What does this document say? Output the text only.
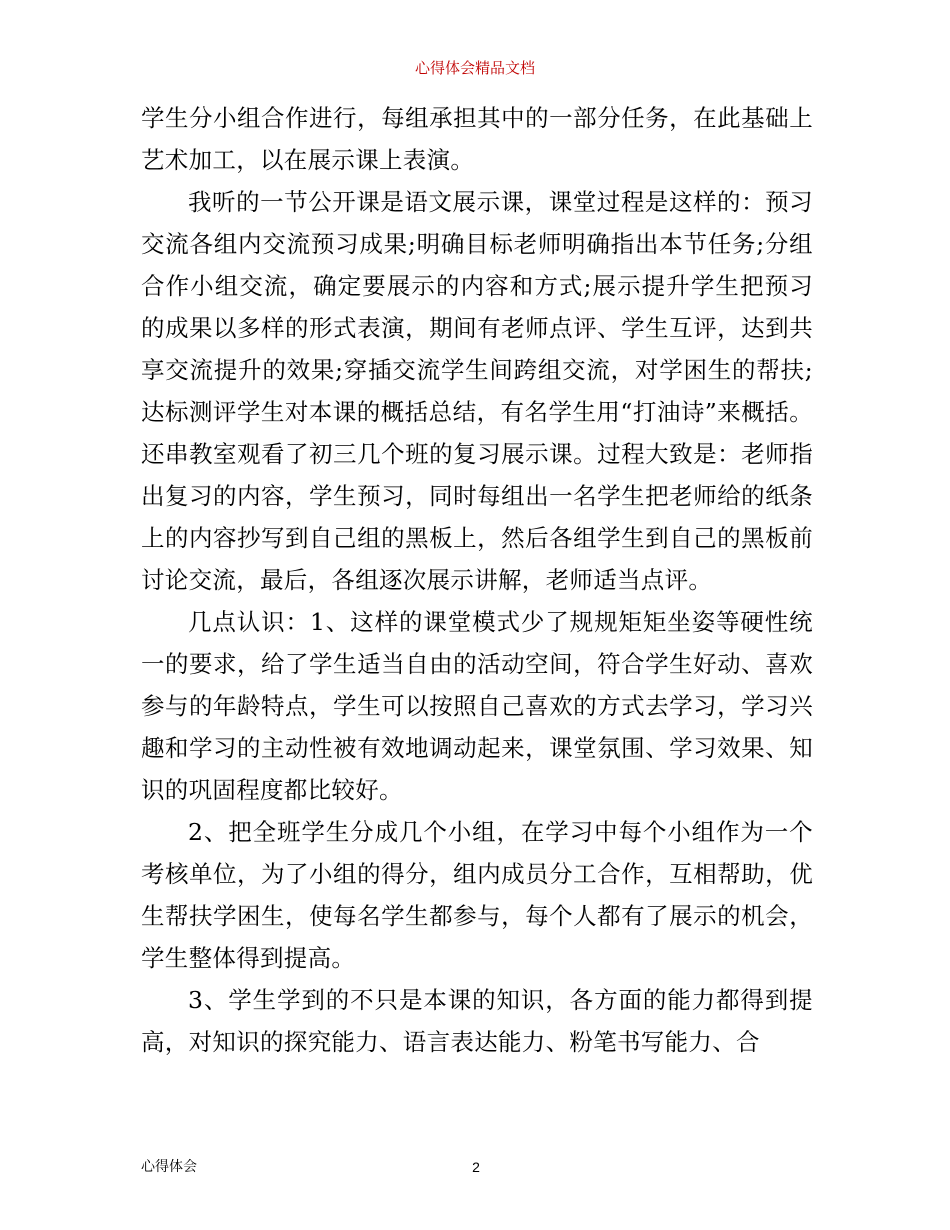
心得体会精品文档

学生分小组合作进行，每组承担其中的一部分任务，在此基础上艺术加工，以在展示课上表演。

我听的一节公开课是语文展示课，课堂过程是这样的：预习交流各组内交流预习成果;明确目标老师明确指出本节任务;分组合作小组交流，确定要展示的内容和方式;展示提升学生把预习的成果以多样的形式表演，期间有老师点评、学生互评，达到共享交流提升的效果;穿插交流学生间跨组交流，对学困生的帮扶;达标测评学生对本课的概括总结，有名学生用“打油诗”来概括。还串教室观看了初三几个班的复习展示课。过程大致是：老师指出复习的内容，学生预习，同时每组出一名学生把老师给的纸条上的内容抄写到自己组的黑板上，然后各组学生到自己的黑板前讨论交流，最后，各组逐次展示讲解，老师适当点评。

几点认识：1、这样的课堂模式少了规规矩矩坐姿等硬性统一的要求，给了学生适当自由的活动空间，符合学生好动、喜欢参与的年龄特点，学生可以按照自己喜欢的方式去学习，学习兴趣和学习的主动性被有效地调动起来，课堂氛围、学习效果、知识的巩固程度都比较好。

2、把全班学生分成几个小组，在学习中每个小组作为一个考核单位，为了小组的得分，组内成员分工合作，互相帮助，优生帮扶学困生，使每名学生都参与，每个人都有了展示的机会，学生整体得到提高。

3、学生学到的不只是本课的知识，各方面的能力都得到提高，对知识的探究能力、语言表达能力、粉笔书写能力、合

心得体会	2
